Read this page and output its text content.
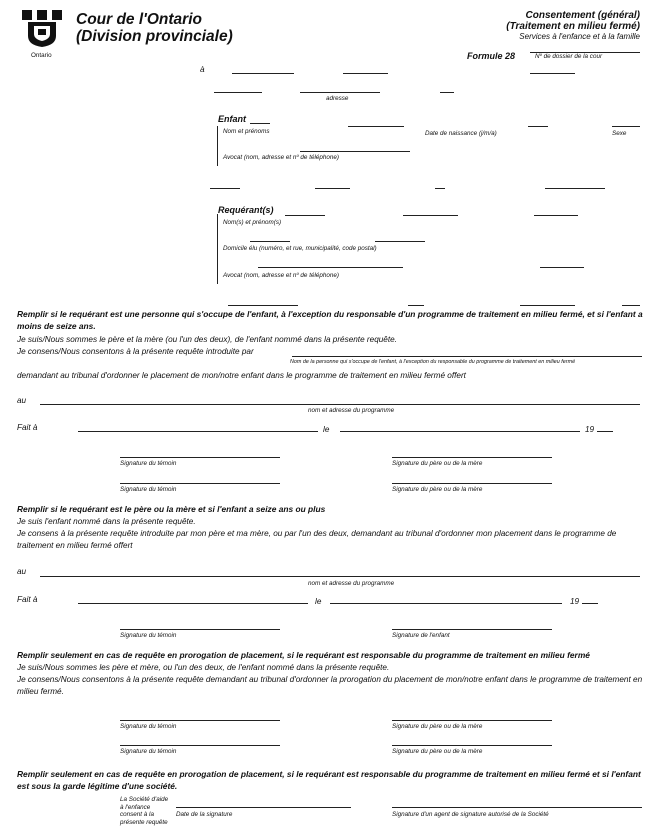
Ontario
Cour de l'Ontario
(Division provinciale)
Consentement (général)
(Traitement en milieu fermé)
Services à l'enfance et à la famille
Formule 28	Nº de dossier de la cour
à
adresse
Enfant
Nom et prénoms	Date de naissance (j/m/a)	Sexe
Avocat (nom, adresse et nº de téléphone)
Requérant(s)
Nom(s) et prénom(s)
Domicile élu (numéro, et rue, municipalité, code postal)
Avocat (nom, adresse et nº de téléphone)
Remplir si le requérant est une personne qui s'occupe de l'enfant, à l'exception du responsable d'un programme de traitement en milieu fermé, et si l'enfant a moins de seize ans.
Je suis/Nous sommes le père et la mère (ou l'un des deux), de l'enfant nommé dans la présente requête.
Je consens/Nous consentons à la présente requête introduite par
Nom de la personne qui s'occupe de l'enfant, à l'exception du responsable du programme de traitement en milieu fermé
demandant au tribunal d'ordonner le placement de mon/notre enfant dans le programme de traitement en milieu fermé offert
au
nom et adresse du programme
Fait à	le	19
Signature du témoin	Signature du père ou de la mère
Signature du témoin	Signature du père ou de la mère
Remplir si le requérant est le père ou la mère et si l'enfant a seize ans ou plus
Je suis l'enfant nommé dans la présente requête.
Je consens à la présente requête introduite par mon père et ma mère, ou par l'un des deux, demandant au tribunal d'ordonner mon placement dans le programme de traitement en milieu fermé offert
au
nom et adresse du programme
Fait à	le	19
Signature du témoin	Signature de l'enfant
Remplir seulement en cas de requête en prorogation de placement, si le requérant est responsable du programme de traitement en milieu fermé
Je suis/Nous sommes les père et mère, ou l'un des deux, de l'enfant nommé dans la présente requête.
Je consens/Nous consentons à la présente requête demandant au tribunal d'ordonner la prorogation du placement de mon/notre enfant dans le programme de traitement en milieu fermé.
Signature du témoin	Signature du père ou de la mère
Signature du témoin	Signature du père ou de la mère
Remplir seulement en cas de requête en prorogation de placement, si le requérant est responsable du programme de traitement en milieu fermé et si l'enfant est sous la garde légitime d'une société.
La Société d'aide à l'enfance consent à la présente requête
Date de la signature	Signature d'un agent de signature autorisé de la Société
